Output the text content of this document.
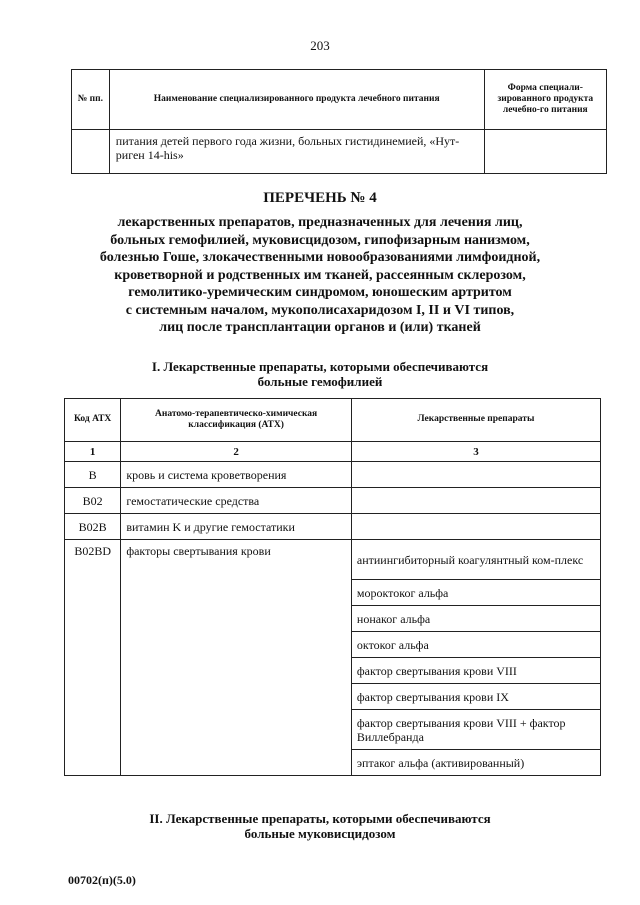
203
№ пп.	Наименование специализированного продукта лечебного питания	Форма специали-зированного продукта лечебно-го питания
	питания детей первого года жизни, больных гистидинемией, «Нут-риген 14-his»	
ПЕРЕЧЕНЬ № 4
лекарственных препаратов, предназначенных для лечения лиц,
больных гемофилией, муковисцидозом, гипофизарным нанизмом,
болезнью Гоше, злокачественными новообразованиями лимфоидной,
кроветворной и родственных им тканей, рассеянным склерозом,
гемолитико-уремическим синдромом, юношеским артритом
с системным началом, мукополисахаридозом I, II и VI типов,
лиц после трансплантации органов и (или) тканей
I. Лекарственные препараты, которыми обеспечиваются
больные гемофилией
Код АТХ	Анатомо-терапевтическо-химическая классификация (АТХ)	Лекарственные препараты
1	2	3
B	кровь и система кроветворения	
B02	гемостатические средства	
B02B	витамин K и другие гемостатики	
B02BD	факторы свертывания крови	антиингибиторный коагулянтный ком-плекс
		мороктоког альфа
		нонаког альфа
		октоког альфа
		фактор свертывания крови VIII
		фактор свертывания крови IX
		фактор свертывания крови VIII + фактор Виллебранда
		эптаког альфа (активированный)
II. Лекарственные препараты, которыми обеспечиваются
больные муковисцидозом
00702(п)(5.0)
